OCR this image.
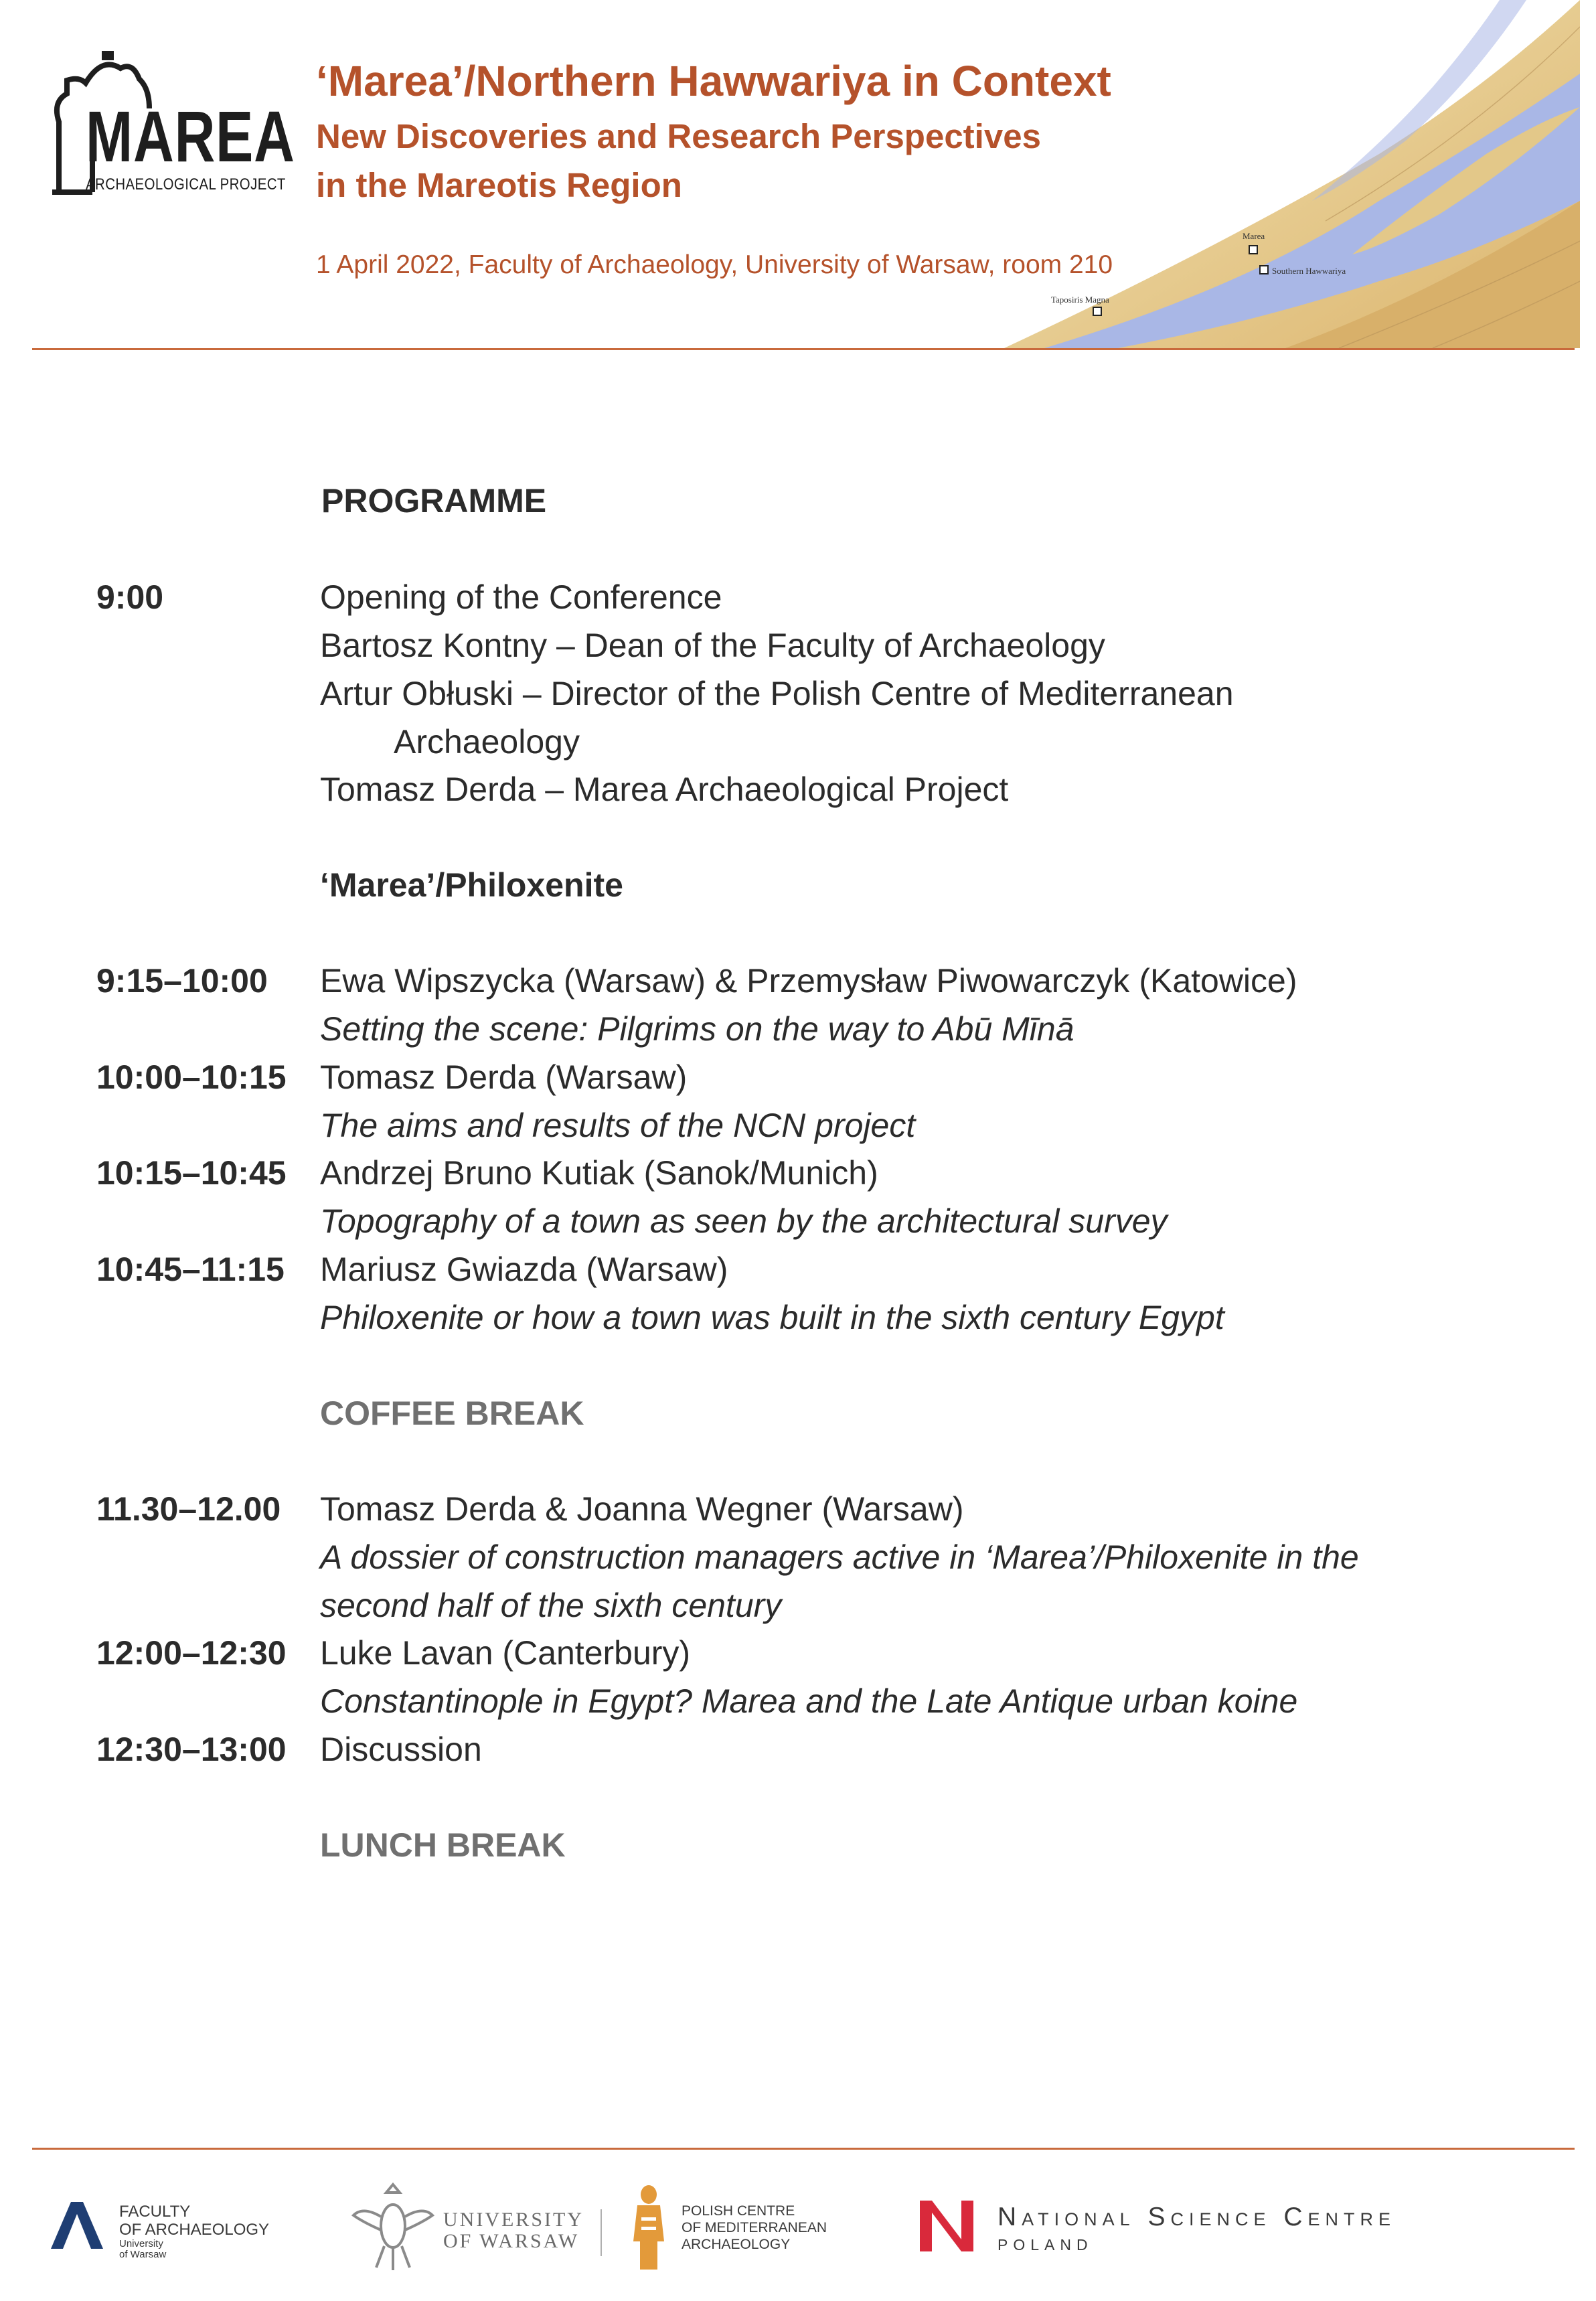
MAREA
ARCHAEOLOGICAL PROJECT
‘Marea’/Northern Hawwariya in Context
New Discoveries and Research Perspectives
in the Mareotis Region
1 April 2022, Faculty of Archaeology, University of Warsaw, room 210
Marea
Southern Hawwariya
Taposiris Magna
PROGRAMME
9:00	Opening of the Conference
Bartosz Kontny – Dean of the Faculty of Archaeology
Artur Obłuski – Director of the Polish Centre of Mediterranean
Archaeology
Tomasz Derda – Marea Archaeological Project
‘Marea’/Philoxenite
9:15–10:00 Ewa Wipszycka (Warsaw) & Przemysław Piwowarczyk (Katowice)
Setting the scene: Pilgrims on the way to Abū Mīnā
10:00–10:15 Tomasz Derda (Warsaw)
The aims and results of the NCN project
10:15–10:45 Andrzej Bruno Kutiak (Sanok/Munich)
Topography of a town as seen by the architectural survey
10:45–11:15 Mariusz Gwiazda (Warsaw)
Philoxenite or how a town was built in the sixth century Egypt
COFFEE BREAK
11.30–12.00 Tomasz Derda & Joanna Wegner (Warsaw)
A dossier of construction managers active in ‘Marea’/Philoxenite in the
second half of the sixth century
12:00–12:30 Luke Lavan (Canterbury)
Constantinople in Egypt? Marea and the Late Antique urban koine
12:30–13:00 Discussion
LUNCH BREAK
FACULTY
OF ARCHAEOLOGY
University
of Warsaw
UNIVERSITY
OF WARSAW
POLISH CENTRE
OF MEDITERRANEAN
ARCHAEOLOGY
National Science Centre
POLAND
